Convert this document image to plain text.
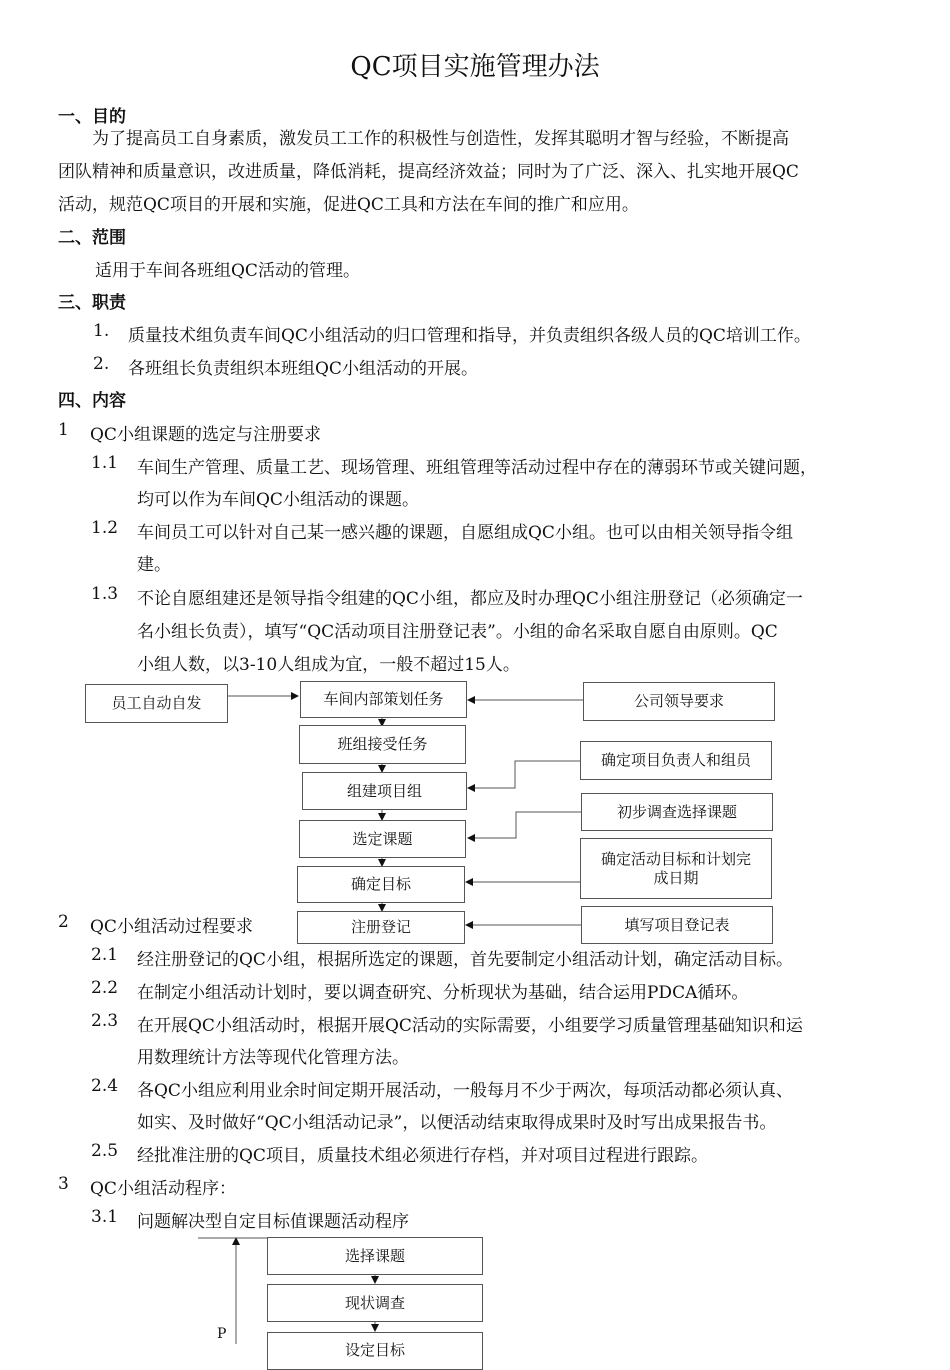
QC项目实施管理办法
一、目的
为了提高员工自身素质，激发员工工作的积极性与创造性，发挥其聪明才智与经验，不断提高
团队精神和质量意识，改进质量，降低消耗，提高经济效益；同时为了广泛、深入、扎实地开展QC
活动，规范QC项目的开展和实施，促进QC工具和方法在车间的推广和应用。
二、范围
适用于车间各班组QC活动的管理。
三、职责
1. 质量技术组负责车间QC小组活动的归口管理和指导，并负责组织各级人员的QC培训工作。
2. 各班组长负责组织本班组QC小组活动的开展。
四、内容
1 QC小组课题的选定与注册要求
1.1 车间生产管理、质量工艺、现场管理、班组管理等活动过程中存在的薄弱环节或关键问题，
均可以作为车间QC小组活动的课题。
1.2 车间员工可以针对自己某一感兴趣的课题，自愿组成QC小组。也可以由相关领导指令组
建。
1.3 不论自愿组建还是领导指令组建的QC小组，都应及时办理QC小组注册登记（必须确定一
名小组长负责），填写“QC活动项目注册登记表”。小组的命名采取自愿自由原则。QC
小组人数，以3-10人组成为宜，一般不超过15人。
员工自动自发	车间内部策划任务
班组接受任务
组建项目组
选定课题
确定目标
注册登记
公司领导要求
确定项目负责人和组员
初步调查选择课题
确定活动目标和计划完成日期
填写项目登记表
2 QC小组活动过程要求
2.1 经注册登记的QC小组，根据所选定的课题，首先要制定小组活动计划，确定活动目标。
2.2 在制定小组活动计划时，要以调查研究、分析现状为基础，结合运用PDCA循环。
2.3 在开展QC小组活动时，根据开展QC活动的实际需要，小组要学习质量管理基础知识和运
用数理统计方法等现代化管理方法。
2.4 各QC小组应利用业余时间定期开展活动，一般每月不少于两次，每项活动都必须认真、
如实、及时做好“QC小组活动记录”，以便活动结束取得成果时及时写出成果报告书。
2.5 经批准注册的QC项目，质量技术组必须进行存档，并对项目过程进行跟踪。
3 QC小组活动程序：
3.1 问题解决型自定目标值课题活动程序
选择课题
现状调查
设定目标
P
